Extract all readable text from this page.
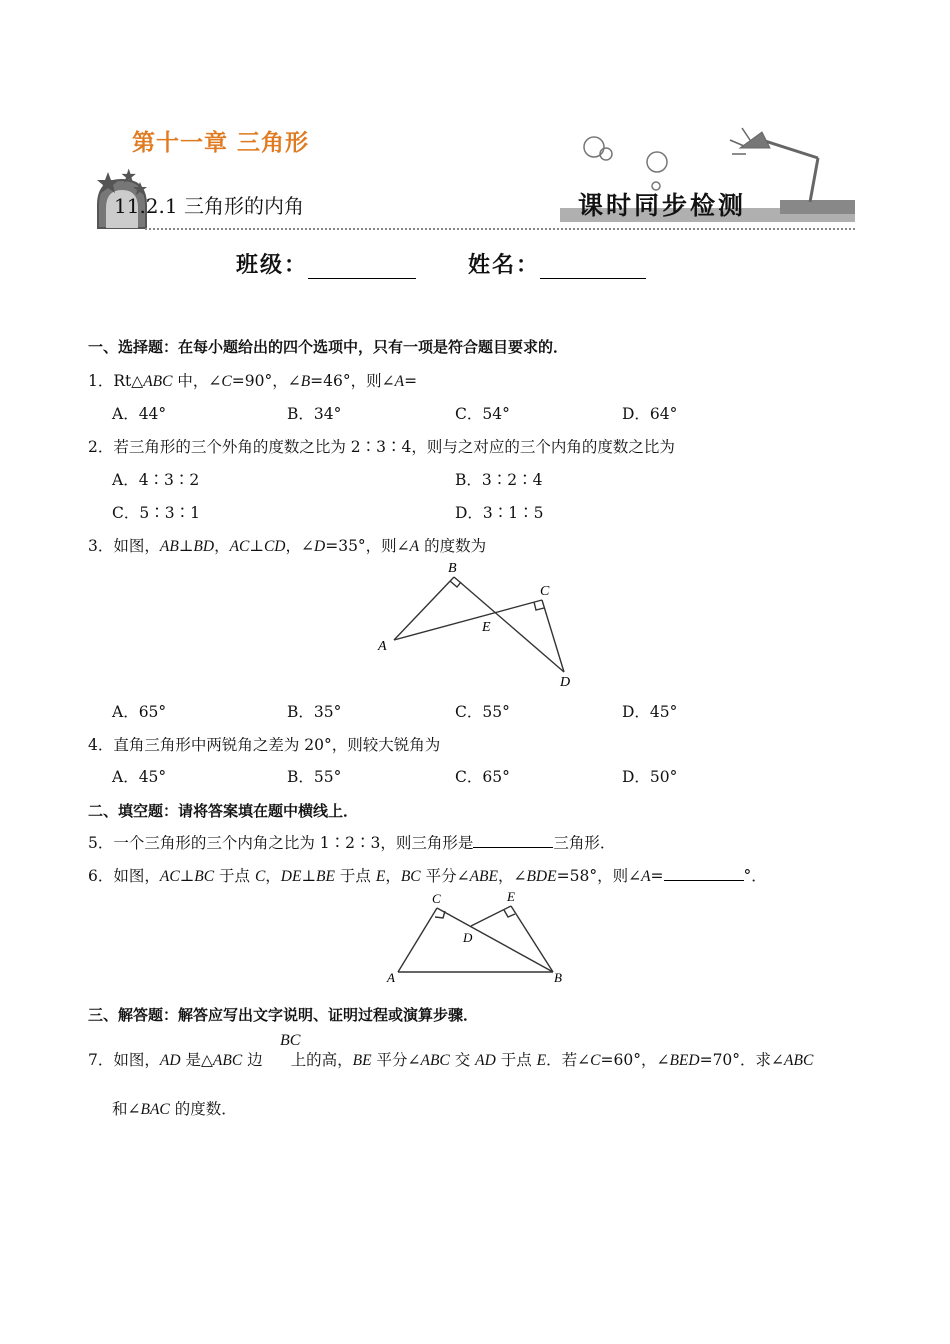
第十一章 三角形
11.2.1 三角形的内角	课时同步检测
班级：	姓名：
一、选择题：在每小题给出的四个选项中，只有一项是符合题目要求的．
1．Rt△ABC 中，∠C=90°，∠B=46°，则∠A=
A．44°	B．34°	C．54°	D．64°
2．若三角形的三个外角的度数之比为 2∶3∶4，则与之对应的三个内角的度数之比为
A．4∶3∶2	B．3∶2∶4
C．5∶3∶1	D．3∶1∶5
3．如图，AB⊥BD，AC⊥CD，∠D=35°，则∠A 的度数为
A
B
C
D
E
A．65°	B．35°	C．55°	D．45°
4．直角三角形中两锐角之差为 20°，则较大锐角为
A．45°	B．55°	C．65°	D．50°
二、填空题：请将答案填在题中横线上．
5．一个三角形的三个内角之比为 1∶2∶3，则三角形是	三角形．
6．如图，AC⊥BC 于点 C，DE⊥BE 于点 E，BC 平分∠ABE，∠BDE=58°，则∠A=	°．
A	B
C
D
E
三、解答题：解答应写出文字说明、证明过程或演算步骤．
BC
7．如图，AD 是△ABC 边 上的高，BE 平分∠ABC 交 AD 于点 E．若∠C=60°，∠BED=70°．求∠ABC
和∠BAC 的度数．
